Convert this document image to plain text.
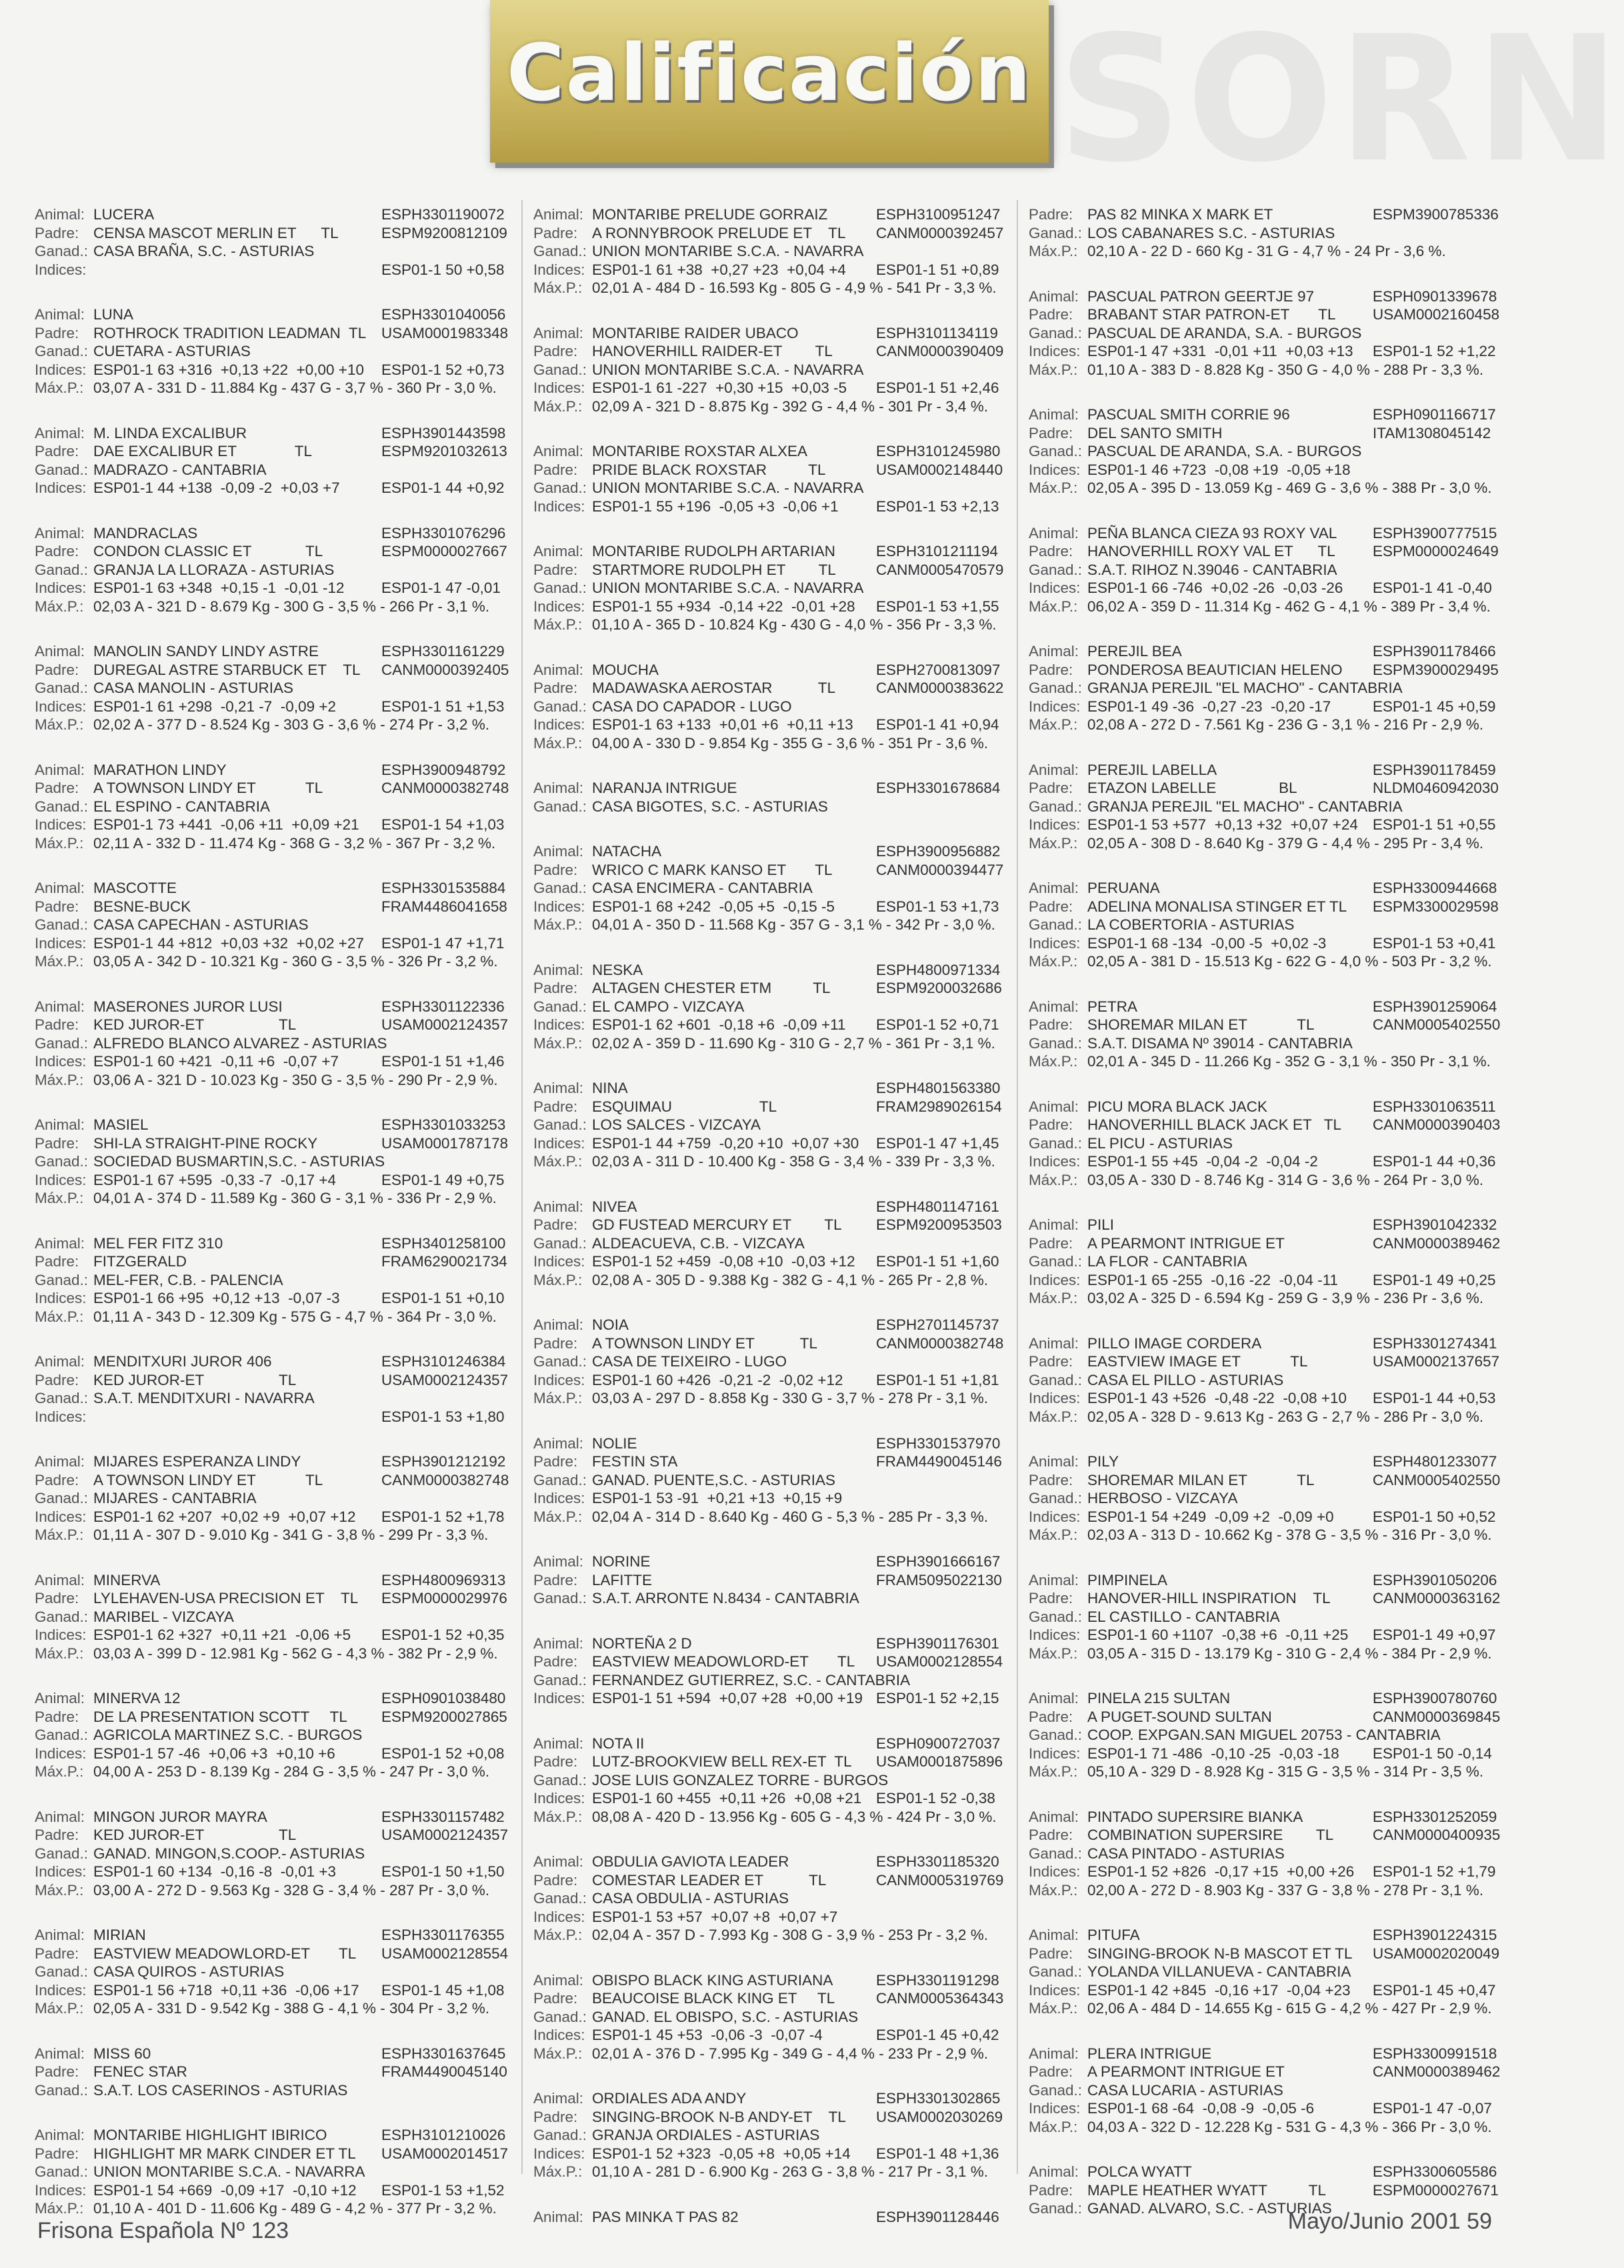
SORN
Calificación
Animal: LUCERA	ESPH3301190072
Padre: CENSA MASCOT MERLIN ET      TL	ESPM9200812109
Ganad.: CASA BRAÑA, S.C. - ASTURIAS
Indices:	ESP01-1 50 +0,58
Animal: LUNA	ESPH3301040056
Padre: ROTHROCK TRADITION LEADMAN  TL	USAM0001983348
Ganad.: CUETARA - ASTURIAS
Indices: ESP01-1 63 +316  +0,13 +22  +0,00 +10	ESP01-1 52 +0,73
Máx.P.: 03,07 A - 331 D - 11.884 Kg - 437 G - 3,7 % - 360 Pr - 3,0 %.
Animal: M. LINDA EXCALIBUR	ESPH3901443598
Padre: DAE EXCALIBUR ET              TL	ESPM9201032613
Ganad.: MADRAZO - CANTABRIA
Indices: ESP01-1 44 +138  -0,09 -2  +0,03 +7	ESP01-1 44 +0,92
Animal: MANDRACLAS	ESPH3301076296
Padre: CONDON CLASSIC ET             TL	ESPM0000027667
Ganad.: GRANJA LA LLORAZA - ASTURIAS
Indices: ESP01-1 63 +348  +0,15 -1  -0,01 -12	ESP01-1 47 -0,01
Máx.P.: 02,03 A - 321 D - 8.679 Kg - 300 G - 3,5 % - 266 Pr - 3,1 %.
Animal: MANOLIN SANDY LINDY ASTRE	ESPH3301161229
Padre: DUREGAL ASTRE STARBUCK ET    TL	CANM0000392405
Ganad.: CASA MANOLIN - ASTURIAS
Indices: ESP01-1 61 +298  -0,21 -7  -0,09 +2	ESP01-1 51 +1,53
Máx.P.: 02,02 A - 377 D - 8.524 Kg - 303 G - 3,6 % - 274 Pr - 3,2 %.
Animal: MARATHON LINDY	ESPH3900948792
Padre: A TOWNSON LINDY ET            TL	CANM0000382748
Ganad.: EL ESPINO - CANTABRIA
Indices: ESP01-1 73 +441  -0,06 +11  +0,09 +21	ESP01-1 54 +1,03
Máx.P.: 02,11 A - 332 D - 11.474 Kg - 368 G - 3,2 % - 367 Pr - 3,2 %.
Animal: MASCOTTE	ESPH3301535884
Padre: BESNE-BUCK	FRAM4486041658
Ganad.: CASA CAPECHAN - ASTURIAS
Indices: ESP01-1 44 +812  +0,03 +32  +0,02 +27	ESP01-1 47 +1,71
Máx.P.: 03,05 A - 342 D - 10.321 Kg - 360 G - 3,5 % - 326 Pr - 3,2 %.
Animal: MASERONES JUROR LUSI	ESPH3301122336
Padre: KED JUROR-ET                  TL	USAM0002124357
Ganad.: ALFREDO BLANCO ALVAREZ - ASTURIAS
Indices: ESP01-1 60 +421  -0,11 +6  -0,07 +7	ESP01-1 51 +1,46
Máx.P.: 03,06 A - 321 D - 10.023 Kg - 350 G - 3,5 % - 290 Pr - 2,9 %.
Animal: MASIEL	ESPH3301033253
Padre: SHI-LA STRAIGHT-PINE ROCKY	USAM0001787178
Ganad.: SOCIEDAD BUSMARTIN,S.C. - ASTURIAS
Indices: ESP01-1 67 +595  -0,33 -7  -0,17 +4	ESP01-1 49 +0,75
Máx.P.: 04,01 A - 374 D - 11.589 Kg - 360 G - 3,1 % - 336 Pr - 2,9 %.
Animal: MEL FER FITZ 310	ESPH3401258100
Padre: FITZGERALD	FRAM6290021734
Ganad.: MEL-FER, C.B. - PALENCIA
Indices: ESP01-1 66 +95  +0,12 +13  -0,07 -3	ESP01-1 51 +0,10
Máx.P.: 01,11 A - 343 D - 12.309 Kg - 575 G - 4,7 % - 364 Pr - 3,0 %.
Animal: MENDITXURI JUROR 406	ESPH3101246384
Padre: KED JUROR-ET                  TL	USAM0002124357
Ganad.: S.A.T. MENDITXURI - NAVARRA
Indices:	ESP01-1 53 +1,80
Animal: MIJARES ESPERANZA LINDY	ESPH3901212192
Padre: A TOWNSON LINDY ET            TL	CANM0000382748
Ganad.: MIJARES - CANTABRIA
Indices: ESP01-1 62 +207  +0,02 +9  +0,07 +12	ESP01-1 52 +1,78
Máx.P.: 01,11 A - 307 D - 9.010 Kg - 341 G - 3,8 % - 299 Pr - 3,3 %.
Animal: MINERVA	ESPH4800969313
Padre: LYLEHAVEN-USA PRECISION ET    TL	ESPM0000029976
Ganad.: MARIBEL - VIZCAYA
Indices: ESP01-1 62 +327  +0,11 +21  -0,06 +5	ESP01-1 52 +0,35
Máx.P.: 03,03 A - 399 D - 12.981 Kg - 562 G - 4,3 % - 382 Pr - 2,9 %.
Animal: MINERVA 12	ESPH0901038480
Padre: DE LA PRESENTATION SCOTT     TL	ESPM9200027865
Ganad.: AGRICOLA MARTINEZ S.C. - BURGOS
Indices: ESP01-1 57 -46  +0,06 +3  +0,10 +6	ESP01-1 52 +0,08
Máx.P.: 04,00 A - 253 D - 8.139 Kg - 284 G - 3,5 % - 247 Pr - 3,0 %.
Animal: MINGON JUROR MAYRA	ESPH3301157482
Padre: KED JUROR-ET                  TL	USAM0002124357
Ganad.: GANAD. MINGON,S.COOP.- ASTURIAS
Indices: ESP01-1 60 +134  -0,16 -8  -0,01 +3	ESP01-1 50 +1,50
Máx.P.: 03,00 A - 272 D - 9.563 Kg - 328 G - 3,4 % - 287 Pr - 3,0 %.
Animal: MIRIAN	ESPH3301176355
Padre: EASTVIEW MEADOWLORD-ET       TL	USAM0002128554
Ganad.: CASA QUIROS - ASTURIAS
Indices: ESP01-1 56 +718  +0,11 +36  -0,06 +17	ESP01-1 45 +1,08
Máx.P.: 02,05 A - 331 D - 9.542 Kg - 388 G - 4,1 % - 304 Pr - 3,2 %.
Animal: MISS 60	ESPH3301637645
Padre: FENEC STAR	FRAM4490045140
Ganad.: S.A.T. LOS CASERINOS - ASTURIAS
Animal: MONTARIBE HIGHLIGHT IBIRICO	ESPH3101210026
Padre: HIGHLIGHT MR MARK CINDER ET TL	USAM0002014517
Ganad.: UNION MONTARIBE S.C.A. - NAVARRA
Indices: ESP01-1 54 +669  -0,09 +17  -0,10 +12	ESP01-1 53 +1,52
Máx.P.: 01,10 A - 401 D - 11.606 Kg - 489 G - 4,2 % - 377 Pr - 3,2 %.
Animal: MONTARIBE PRELUDE GORRAIZ	ESPH3100951247
Padre: A RONNYBROOK PRELUDE ET    TL	CANM0000392457
Ganad.: UNION MONTARIBE S.C.A. - NAVARRA
Indices: ESP01-1 61 +38  +0,27 +23  +0,04 +4	ESP01-1 51 +0,89
Máx.P.: 02,01 A - 484 D - 16.593 Kg - 805 G - 4,9 % - 541 Pr - 3,3 %.
Animal: MONTARIBE RAIDER UBACO	ESPH3101134119
Padre: HANOVERHILL RAIDER-ET        TL	CANM0000390409
Ganad.: UNION MONTARIBE S.C.A. - NAVARRA
Indices: ESP01-1 61 -227  +0,30 +15  +0,03 -5	ESP01-1 51 +2,46
Máx.P.: 02,09 A - 321 D - 8.875 Kg - 392 G - 4,4 % - 301 Pr - 3,4 %.
Animal: MONTARIBE ROXSTAR ALXEA	ESPH3101245980
Padre: PRIDE BLACK ROXSTAR          TL	USAM0002148440
Ganad.: UNION MONTARIBE S.C.A. - NAVARRA
Indices: ESP01-1 55 +196  -0,05 +3  -0,06 +1	ESP01-1 53 +2,13
Animal: MONTARIBE RUDOLPH ARTARIAN	ESPH3101211194
Padre: STARTMORE RUDOLPH ET        TL	CANM0005470579
Ganad.: UNION MONTARIBE S.C.A. - NAVARRA
Indices: ESP01-1 55 +934  -0,14 +22  -0,01 +28	ESP01-1 53 +1,55
Máx.P.: 01,10 A - 365 D - 10.824 Kg - 430 G - 4,0 % - 356 Pr - 3,3 %.
Animal: MOUCHA	ESPH2700813097
Padre: MADAWASKA AEROSTAR           TL	CANM0000383622
Ganad.: CASA DO CAPADOR - LUGO
Indices: ESP01-1 63 +133  +0,01 +6  +0,11 +13	ESP01-1 41 +0,94
Máx.P.: 04,00 A - 330 D - 9.854 Kg - 355 G - 3,6 % - 351 Pr - 3,6 %.
Animal: NARANJA INTRIGUE	ESPH3301678684
Ganad.: CASA BIGOTES, S.C. - ASTURIAS
Animal: NATACHA	ESPH3900956882
Padre: WRICO C MARK KANSO ET       TL	CANM0000394477
Ganad.: CASA ENCIMERA - CANTABRIA
Indices: ESP01-1 68 +242  -0,05 +5  -0,15 -5	ESP01-1 53 +1,73
Máx.P.: 04,01 A - 350 D - 11.568 Kg - 357 G - 3,1 % - 342 Pr - 3,0 %.
Animal: NESKA	ESPH4800971334
Padre: ALTAGEN CHESTER ETM          TL	ESPM9200032686
Ganad.: EL CAMPO - VIZCAYA
Indices: ESP01-1 62 +601  -0,18 +6  -0,09 +11	ESP01-1 52 +0,71
Máx.P.: 02,02 A - 359 D - 11.690 Kg - 310 G - 2,7 % - 361 Pr - 3,1 %.
Animal: NINA	ESPH4801563380
Padre: ESQUIMAU                     TL	FRAM2989026154
Ganad.: LOS SALCES - VIZCAYA
Indices: ESP01-1 44 +759  -0,20 +10  +0,07 +30	ESP01-1 47 +1,45
Máx.P.: 02,03 A - 311 D - 10.400 Kg - 358 G - 3,4 % - 339 Pr - 3,3 %.
Animal: NIVEA	ESPH4801147161
Padre: GD FUSTEAD MERCURY ET        TL	ESPM9200953503
Ganad.: ALDEACUEVA, C.B. - VIZCAYA
Indices: ESP01-1 52 +459  -0,08 +10  -0,03 +12	ESP01-1 51 +1,60
Máx.P.: 02,08 A - 305 D - 9.388 Kg - 382 G - 4,1 % - 265 Pr - 2,8 %.
Animal: NOIA	ESPH2701145737
Padre: A TOWNSON LINDY ET           TL	CANM0000382748
Ganad.: CASA DE TEIXEIRO - LUGO
Indices: ESP01-1 60 +426  -0,21 -2  -0,02 +12	ESP01-1 51 +1,81
Máx.P.: 03,03 A - 297 D - 8.858 Kg - 330 G - 3,7 % - 278 Pr - 3,1 %.
Animal: NOLIE	ESPH3301537970
Padre: FESTIN STA	FRAM4490045146
Ganad.: GANAD. PUENTE,S.C. - ASTURIAS
Indices: ESP01-1 53 -91  +0,21 +13  +0,15 +9
Máx.P.: 02,04 A - 314 D - 8.640 Kg - 460 G - 5,3 % - 285 Pr - 3,3 %.
Animal: NORINE	ESPH3901666167
Padre: LAFITTE	FRAM5095022130
Ganad.: S.A.T. ARRONTE N.8434 - CANTABRIA
Animal: NORTEÑA 2 D	ESPH3901176301
Padre: EASTVIEW MEADOWLORD-ET       TL	USAM0002128554
Ganad.: FERNANDEZ GUTIERREZ, S.C. - CANTABRIA
Indices: ESP01-1 51 +594  +0,07 +28  +0,00 +19 ESP01-1 52 +2,15
Animal: NOTA II	ESPH0900727037
Padre: LUTZ-BROOKVIEW BELL REX-ET  TL	USAM0001875896
Ganad.: JOSE LUIS GONZALEZ TORRE - BURGOS
Indices: ESP01-1 60 +455  +0,11 +26  +0,08 +21 ESP01-1 52 -0,38
Máx.P.: 08,08 A - 420 D - 13.956 Kg - 605 G - 4,3 % - 424 Pr - 3,0 %.
Animal: OBDULIA GAVIOTA LEADER	ESPH3301185320
Padre: COMESTAR LEADER ET           TL	CANM0005319769
Ganad.: CASA OBDULIA - ASTURIAS
Indices: ESP01-1 53 +57  +0,07 +8  +0,07 +7
Máx.P.: 02,04 A - 357 D - 7.993 Kg - 308 G - 3,9 % - 253 Pr - 3,2 %.
Animal: OBISPO BLACK KING ASTURIANA	ESPH3301191298
Padre: BEAUCOISE BLACK KING ET     TL	CANM0005364343
Ganad.: GANAD. EL OBISPO, S.C. - ASTURIAS
Indices: ESP01-1 45 +53  -0,06 -3  -0,07 -4	ESP01-1 45 +0,42
Máx.P.: 02,01 A - 376 D - 7.995 Kg - 349 G - 4,4 % - 233 Pr - 2,9 %.
Animal: ORDIALES ADA ANDY	ESPH3301302865
Padre: SINGING-BROOK N-B ANDY-ET    TL	USAM0002030269
Ganad.: GRANJA ORDIALES - ASTURIAS
Indices: ESP01-1 52 +323  -0,05 +8  +0,05 +14	ESP01-1 48 +1,36
Máx.P.: 01,10 A - 281 D - 6.900 Kg - 263 G - 3,8 % - 217 Pr - 3,1 %.
Animal: PAS MINKA T PAS 82	ESPH3901128446
Padre: PAS 82 MINKA X MARK ET	ESPM3900785336
Ganad.: LOS CABANARES S.C. - ASTURIAS
Máx.P.: 02,10 A - 22 D - 660 Kg - 31 G - 4,7 % - 24 Pr - 3,6 %.
Animal: PASCUAL PATRON GEERTJE 97	ESPH0901339678
Padre: BRABANT STAR PATRON-ET       TL	USAM0002160458
Ganad.: PASCUAL DE ARANDA, S.A. - BURGOS
Indices: ESP01-1 47 +331  -0,01 +11  +0,03 +13	ESP01-1 52 +1,22
Máx.P.: 01,10 A - 383 D - 8.828 Kg - 350 G - 4,0 % - 288 Pr - 3,3 %.
Animal: PASCUAL SMITH CORRIE 96	ESPH0901166717
Padre: DEL SANTO SMITH	ITAM1308045142
Ganad.: PASCUAL DE ARANDA, S.A. - BURGOS
Indices: ESP01-1 46 +723  -0,08 +19  -0,05 +18
Máx.P.: 02,05 A - 395 D - 13.059 Kg - 469 G - 3,6 % - 388 Pr - 3,0 %.
Animal: PEÑA BLANCA CIEZA 93 ROXY VAL	ESPH3900777515
Padre: HANOVERHILL ROXY VAL ET      TL	ESPM0000024649
Ganad.: S.A.T. RIHOZ N.39046 - CANTABRIA
Indices: ESP01-1 66 -746  +0,02 -26  -0,03 -26	ESP01-1 41 -0,40
Máx.P.: 06,02 A - 359 D - 11.314 Kg - 462 G - 4,1 % - 389 Pr - 3,4 %.
Animal: PEREJIL BEA	ESPH3901178466
Padre: PONDEROSA BEAUTICIAN HELENO	ESPM3900029495
Ganad.: GRANJA PEREJIL "EL MACHO" - CANTABRIA
Indices: ESP01-1 49 -36  -0,27 -23  -0,20 -17	ESP01-1 45 +0,59
Máx.P.: 02,08 A - 272 D - 7.561 Kg - 236 G - 3,1 % - 216 Pr - 2,9 %.
Animal: PEREJIL LABELLA	ESPH3901178459
Padre: ETAZON LABELLE               BL	NLDM0460942030
Ganad.: GRANJA PEREJIL "EL MACHO" - CANTABRIA
Indices: ESP01-1 53 +577  +0,13 +32  +0,07 +24 ESP01-1 51 +0,55
Máx.P.: 02,05 A - 308 D - 8.640 Kg - 379 G - 4,4 % - 295 Pr - 3,4 %.
Animal: PERUANA	ESPH3300944668
Padre: ADELINA MONALISA STINGER ET TL	ESPM3300029598
Ganad.: LA COBERTORIA - ASTURIAS
Indices: ESP01-1 68 -134  -0,00 -5  +0,02 -3	ESP01-1 53 +0,41
Máx.P.: 02,05 A - 381 D - 15.513 Kg - 622 G - 4,0 % - 503 Pr - 3,2 %.
Animal: PETRA	ESPH3901259064
Padre: SHOREMAR MILAN ET            TL	CANM0005402550
Ganad.: S.A.T. DISAMA Nº 39014 - CANTABRIA
Máx.P.: 02,01 A - 345 D - 11.266 Kg - 352 G - 3,1 % - 350 Pr - 3,1 %.
Animal: PICU MORA BLACK JACK	ESPH3301063511
Padre: HANOVERHILL BLACK JACK ET   TL	CANM0000390403
Ganad.: EL PICU - ASTURIAS
Indices: ESP01-1 55 +45  -0,04 -2  -0,04 -2	ESP01-1 44 +0,36
Máx.P.: 03,05 A - 330 D - 8.746 Kg - 314 G - 3,6 % - 264 Pr - 3,0 %.
Animal: PILI	ESPH3901042332
Padre: A PEARMONT INTRIGUE ET	CANM0000389462
Ganad.: LA FLOR - CANTABRIA
Indices: ESP01-1 65 -255  -0,16 -22  -0,04 -11	ESP01-1 49 +0,25
Máx.P.: 03,02 A - 325 D - 6.594 Kg - 259 G - 3,9 % - 236 Pr - 3,6 %.
Animal: PILLO IMAGE CORDERA	ESPH3301274341
Padre: EASTVIEW IMAGE ET            TL	USAM0002137657
Ganad.: CASA EL PILLO - ASTURIAS
Indices: ESP01-1 43 +526  -0,48 -22  -0,08 +10	ESP01-1 44 +0,53
Máx.P.: 02,05 A - 328 D - 9.613 Kg - 263 G - 2,7 % - 286 Pr - 3,0 %.
Animal: PILY	ESPH4801233077
Padre: SHOREMAR MILAN ET            TL	CANM0005402550
Ganad.: HERBOSO - VIZCAYA
Indices: ESP01-1 54 +249  -0,09 +2  -0,09 +0	ESP01-1 50 +0,52
Máx.P.: 02,03 A - 313 D - 10.662 Kg - 378 G - 3,5 % - 316 Pr - 3,0 %.
Animal: PIMPINELA	ESPH3901050206
Padre: HANOVER-HILL INSPIRATION    TL	CANM0000363162
Ganad.: EL CASTILLO - CANTABRIA
Indices: ESP01-1 60 +1107  -0,38 +6  -0,11 +25	ESP01-1 49 +0,97
Máx.P.: 03,05 A - 315 D - 13.179 Kg - 310 G - 2,4 % - 384 Pr - 2,9 %.
Animal: PINELA 215 SULTAN	ESPH3900780760
Padre: A PUGET-SOUND SULTAN	CANM0000369845
Ganad.: COOP. EXPGAN.SAN MIGUEL 20753 - CANTABRIA
Indices: ESP01-1 71 -486  -0,10 -25  -0,03 -18	ESP01-1 50 -0,14
Máx.P.: 05,10 A - 329 D - 8.928 Kg - 315 G - 3,5 % - 314 Pr - 3,5 %.
Animal: PINTADO SUPERSIRE BIANKA	ESPH3301252059
Padre: COMBINATION SUPERSIRE        TL	CANM0000400935
Ganad.: CASA PINTADO - ASTURIAS
Indices: ESP01-1 52 +826  -0,17 +15  +0,00 +26	ESP01-1 52 +1,79
Máx.P.: 02,00 A - 272 D - 8.903 Kg - 337 G - 3,8 % - 278 Pr - 3,1 %.
Animal: PITUFA	ESPH3901224315
Padre: SINGING-BROOK N-B MASCOT ET TL	USAM0002020049
Ganad.: YOLANDA VILLANUEVA - CANTABRIA
Indices: ESP01-1 42 +845  -0,16 +17  -0,04 +23	ESP01-1 45 +0,47
Máx.P.: 02,06 A - 484 D - 14.655 Kg - 615 G - 4,2 % - 427 Pr - 2,9 %.
Animal: PLERA INTRIGUE	ESPH3300991518
Padre: A PEARMONT INTRIGUE ET	CANM0000389462
Ganad.: CASA LUCARIA - ASTURIAS
Indices: ESP01-1 68 -64  -0,08 -9  -0,05 -6	ESP01-1 47 -0,07
Máx.P.: 04,03 A - 322 D - 12.228 Kg - 531 G - 4,3 % - 366 Pr - 3,0 %.
Animal: POLCA WYATT	ESPH3300605586
Padre: MAPLE HEATHER WYATT          TL	ESPM0000027671
Ganad.: GANAD. ALVARO, S.C. - ASTURIAS
Frisona Española Nº 123	Mayo/Junio 2001 59
